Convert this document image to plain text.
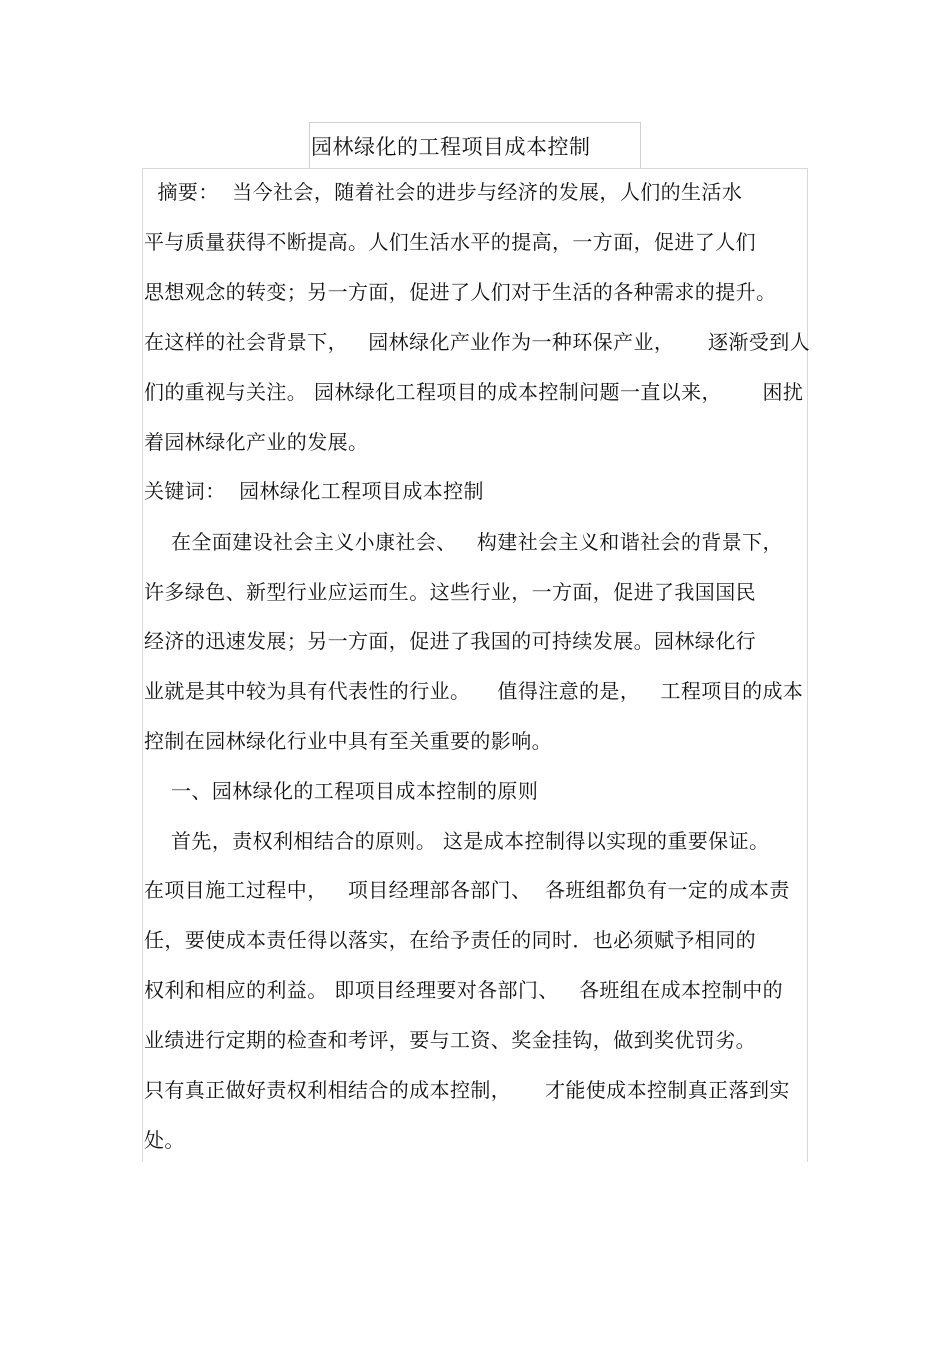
园林绿化的工程项目成本控制
摘要：  当今社会，随着社会的进步与经济的发展，人们的生活水
平与质量获得不断提高。人们生活水平的提高，一方面，促进了人们
思想观念的转变；另一方面，促进了人们对于生活的各种需求的提升。
在这样的社会背景下，   园林绿化产业作为一种环保产业，     逐渐受到人
们的重视与关注。 园林绿化工程项目的成本控制问题一直以来，      困扰
着园林绿化产业的发展。
关键词：  园林绿化工程项目成本控制
在全面建设社会主义小康社会、   构建社会主义和谐社会的背景下，
许多绿色、新型行业应运而生。这些行业，一方面，促进了我国国民
经济的迅速发展；另一方面，促进了我国的可持续发展。园林绿化行
业就是其中较为具有代表性的行业。    值得注意的是，   工程项目的成本
控制在园林绿化行业中具有至关重要的影响。
一、园林绿化的工程项目成本控制的原则
首先，责权利相结合的原则。 这是成本控制得以实现的重要保证。
在项目施工过程中，   项目经理部各部门、  各班组都负有一定的成本责
任，要使成本责任得以落实，在给予责任的同时．也必须赋予相同的
权利和相应的利益。 即项目经理要对各部门、   各班组在成本控制中的
业绩进行定期的检查和考评，要与工资、奖金挂钩，做到奖优罚劣。
只有真正做好责权利相结合的成本控制，     才能使成本控制真正落到实
处。
